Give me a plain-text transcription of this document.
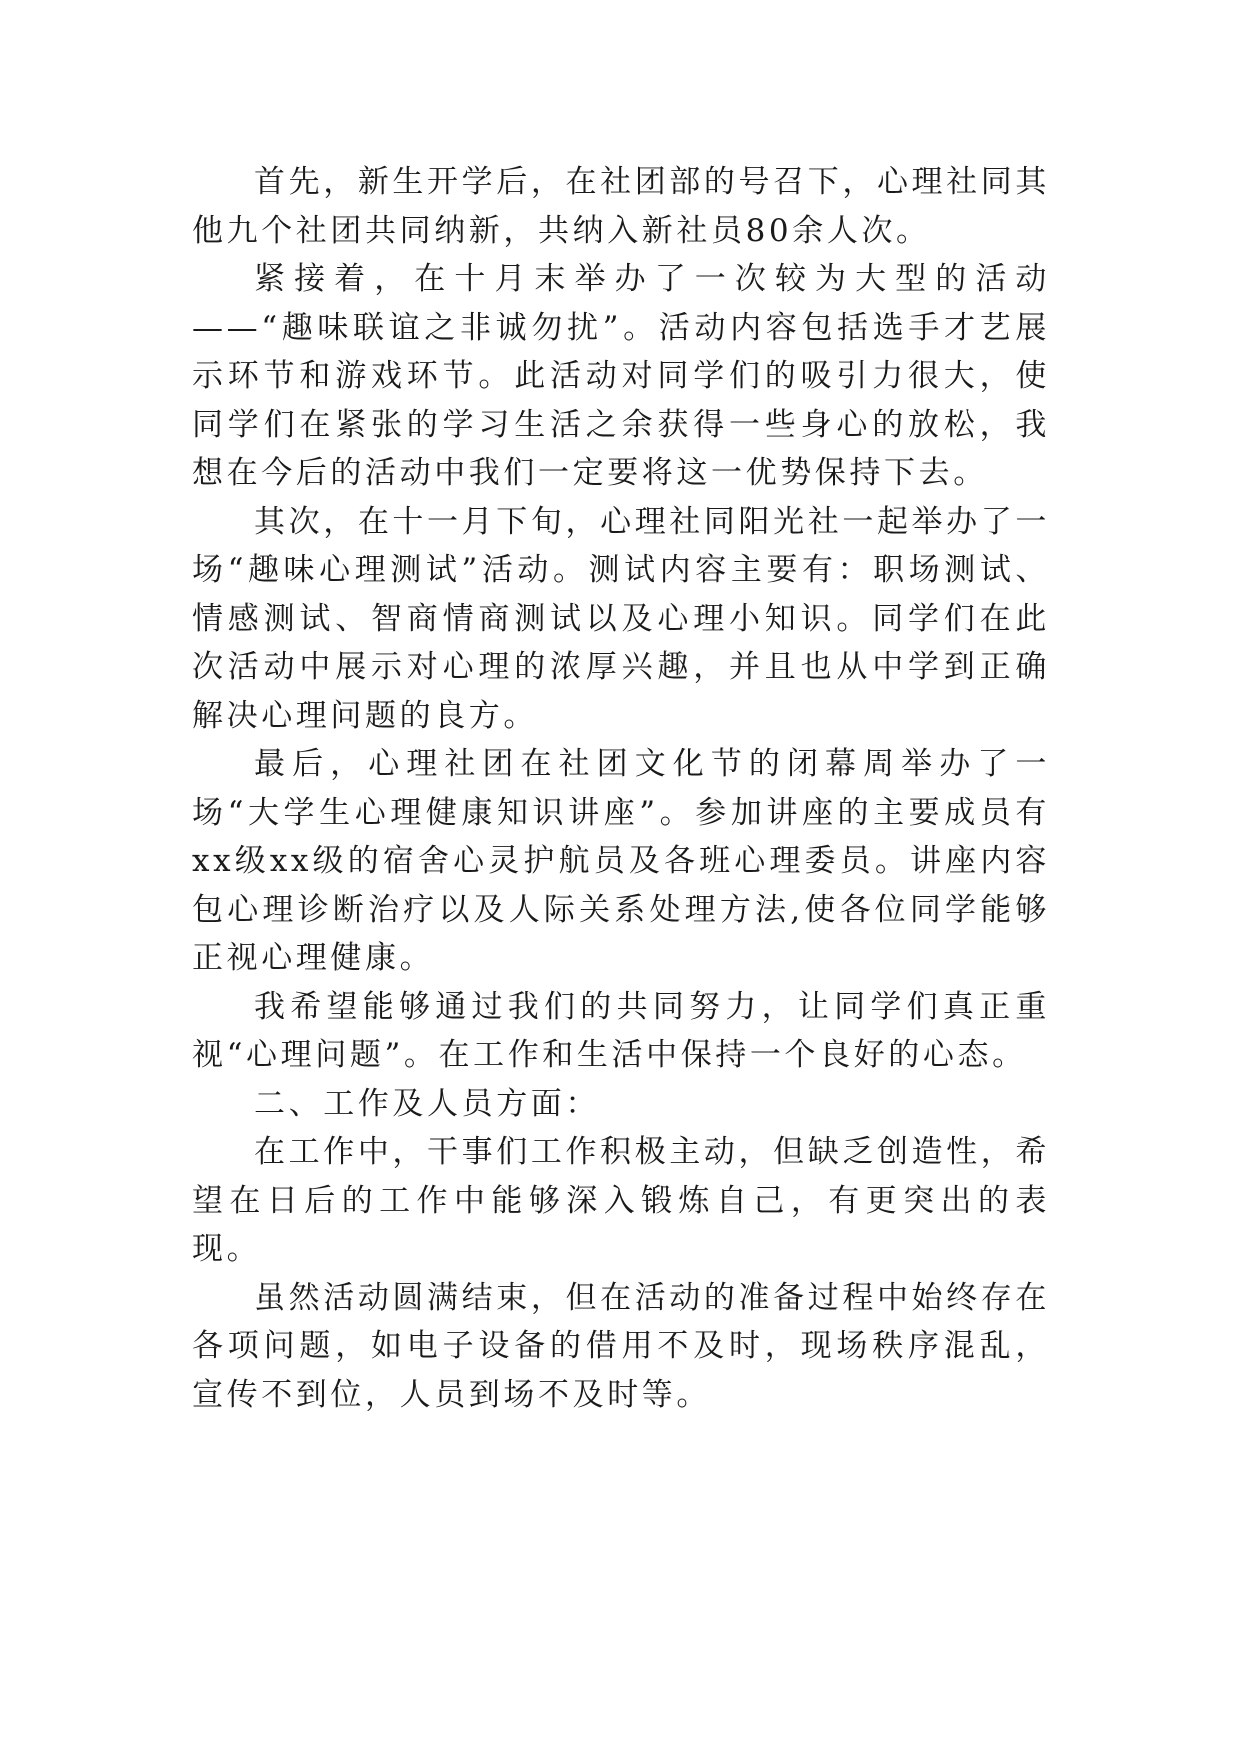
首先，新生开学后，在社团部的号召下，心理社同其他九个社团共同纳新，共纳入新社员80余人次。

紧接着，在十月末举办了一次较为大型的活动——“趣味联谊之非诚勿扰”。活动内容包括选手才艺展示环节和游戏环节。此活动对同学们的吸引力很大，使同学们在紧张的学习生活之余获得一些身心的放松，我想在今后的活动中我们一定要将这一优势保持下去。

其次，在十一月下旬，心理社同阳光社一起举办了一场“趣味心理测试”活动。测试内容主要有：职场测试、情感测试、智商情商测试以及心理小知识。同学们在此次活动中展示对心理的浓厚兴趣，并且也从中学到正确解决心理问题的良方。

最后，心理社团在社团文化节的闭幕周举办了一场“大学生心理健康知识讲座”。参加讲座的主要成员有xx级xx级的宿舍心灵护航员及各班心理委员。讲座内容包心理诊断治疗以及人际关系处理方法,使各位同学能够正视心理健康。

我希望能够通过我们的共同努力，让同学们真正重视“心理问题”。在工作和生活中保持一个良好的心态。

二、工作及人员方面：

在工作中，干事们工作积极主动，但缺乏创造性，希望在日后的工作中能够深入锻炼自己，有更突出的表现。

虽然活动圆满结束，但在活动的准备过程中始终存在各项问题，如电子设备的借用不及时，现场秩序混乱，宣传不到位，人员到场不及时等。
